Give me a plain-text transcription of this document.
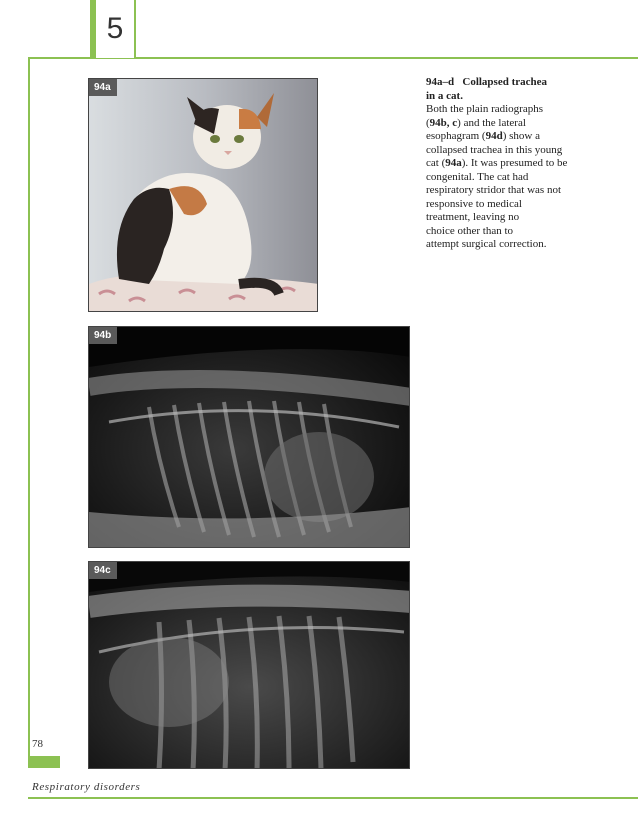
5
94a
94b
94c
94a–d Collapsed trachea
in a cat.
Both the plain radiographs
(94b, c) and the lateral
esophagram (94d) show a
collapsed trachea in this young
cat (94a). It was presumed to be
congenital. The cat had
respiratory stridor that was not
responsive to medical
treatment, leaving no
choice other than to
attempt surgical correction.
78
Respiratory disorders
